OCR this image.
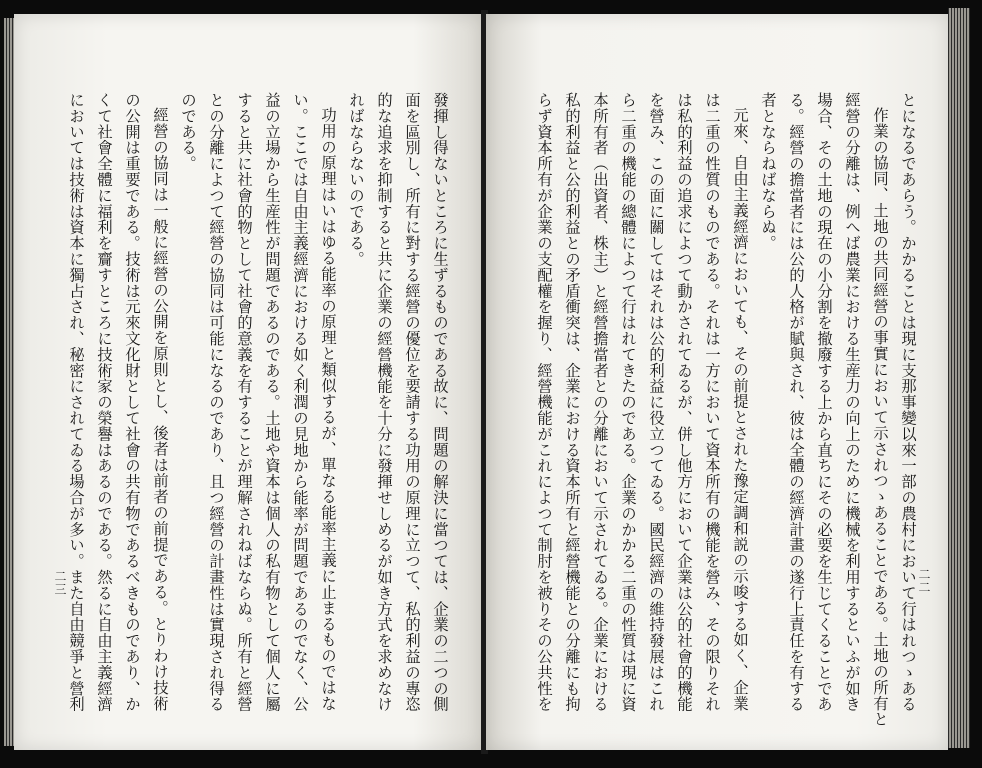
發揮し得ないところに生ずるものである故に、問題の解決に當つては、企業の二つの側
面を區別し、所有に對する經營の優位を要請する功用の原理に立つて、私的利益の專恣
的な追求を抑制すると共に企業の經營機能を十分に發揮せしめるが如き方式を求めなけ
ればならないのである。
功用の原理はいはゆる能率の原理と類似するが、單なる能率主義に止まるものではな
い。ここでは自由主義經濟における如く利潤の見地から能率が問題であるのでなく、公
益の立場から生産性が問題であるのである。土地や資本は個人の私有物として個人に屬
すると共に社會的物として社會的意義を有することが理解されねばならぬ。所有と經營
との分離によつて經營の協同は可能になるのであり、且つ經營の計畫性は實現され得る
のである。
經營の協同は一般に經營の公開を原則とし、後者は前者の前提である。とりわけ技術
の公開は重要である。技術は元來文化財として社會の共有物であるべきものであり、か
くて社會全體に福利を齎すところに技術家の榮譽はあるのである。然るに自由主義經濟
においては技術は資本に獨占され、秘密にされてゐる場合が多い。また自由競爭と營利
二三	とになるであらう。かかることは現に支那事變以來一部の農村において行はれつゝある
作業の協同、土地の共同經營の事實において示されつゝあることである。土地の所有と
經營の分離は、例へば農業における生産力の向上のために機械を利用するといふが如き
場合、その土地の現在の小分割を撤廢する上から直ちにその必要を生じてくることであ
る。經營の擔當者には公的人格が賦與され、彼は全體の經濟計畫の遂行上責任を有する
者とならねばならぬ。
元來、自由主義經濟においても、その前提とされた豫定調和説の示唆する如く、企業
は二重の性質のものである。それは一方において資本所有の機能を營み、その限りそれ
は私的利益の追求によつて動かされてゐるが、併し他方において企業は公的社會的機能
を營み、この面に關してはそれは公的利益に役立つてゐる。國民經濟の維持發展はこれ
ら二重の機能の總體によつて行はれてきたのである。企業のかかる二重の性質は現に資
本所有者（出資者、株主）と經營擔當者との分離において示されてゐる。企業における
私的利益と公的利益との矛盾衝突は、企業における資本所有と經營機能との分離にも拘
らず資本所有が企業の支配權を握り、經營機能がこれによつて制肘を被りその公共性を	二二
